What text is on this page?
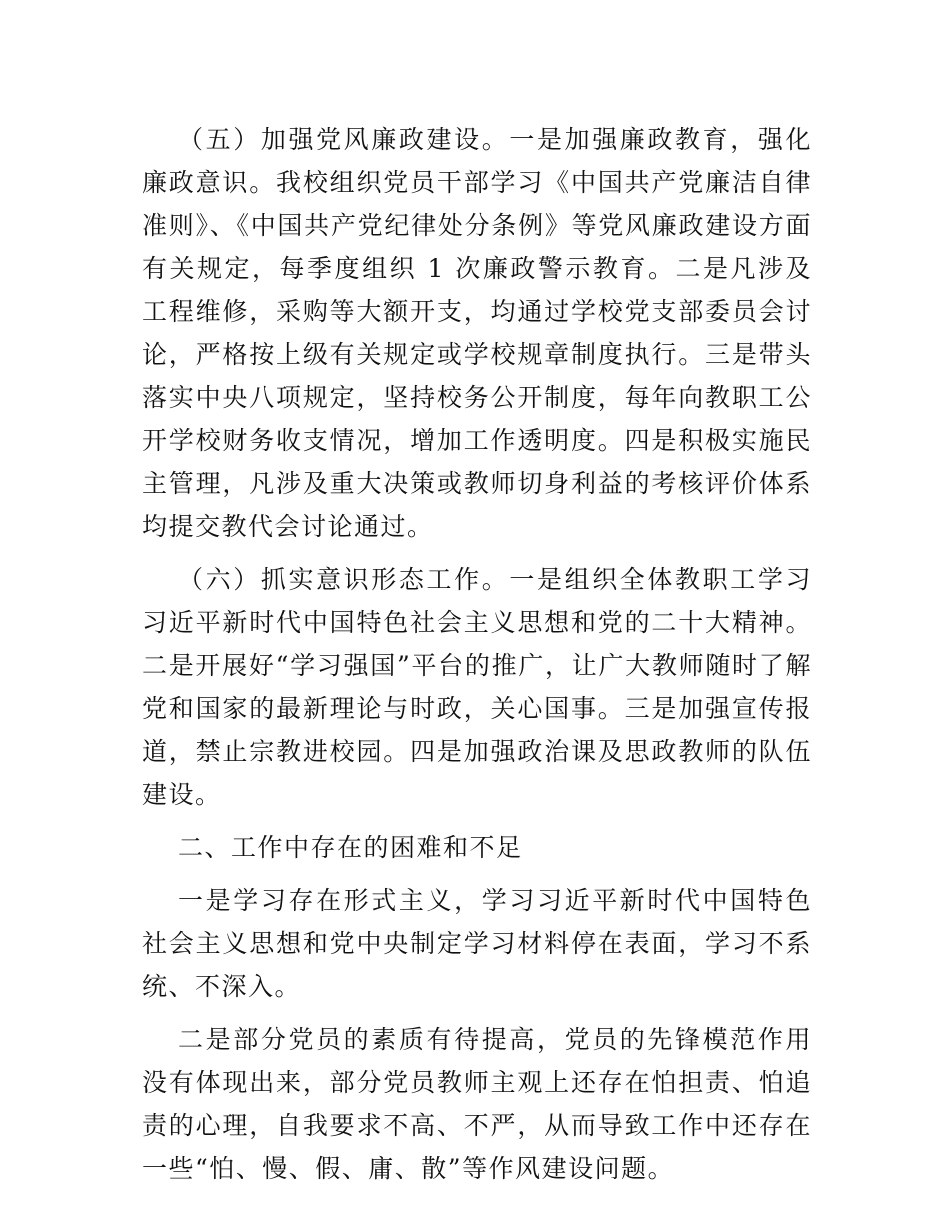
（五）加强党风廉政建设。一是加强廉政教育，强化廉政意识。我校组织党员干部学习《中国共产党廉洁自律准则》、《中国共产党纪律处分条例》等党风廉政建设方面有关规定，每季度组织 1 次廉政警示教育。二是凡涉及工程维修，采购等大额开支，均通过学校党支部委员会讨论，严格按上级有关规定或学校规章制度执行。三是带头落实中央八项规定，坚持校务公开制度，每年向教职工公开学校财务收支情况，增加工作透明度。四是积极实施民主管理，凡涉及重大决策或教师切身利益的考核评价体系均提交教代会讨论通过。

（六）抓实意识形态工作。一是组织全体教职工学习习近平新时代中国特色社会主义思想和党的二十大精神。二是开展好“学习强国”平台的推广，让广大教师随时了解党和国家的最新理论与时政，关心国事。三是加强宣传报道，禁止宗教进校园。四是加强政治课及思政教师的队伍建设。

二、工作中存在的困难和不足

一是学习存在形式主义，学习习近平新时代中国特色社会主义思想和党中央制定学习材料停在表面，学习不系统、不深入。

二是部分党员的素质有待提高，党员的先锋模范作用没有体现出来，部分党员教师主观上还存在怕担责、怕追责的心理，自我要求不高、不严，从而导致工作中还存在一些“怕、慢、假、庸、散”等作风建设问题。
